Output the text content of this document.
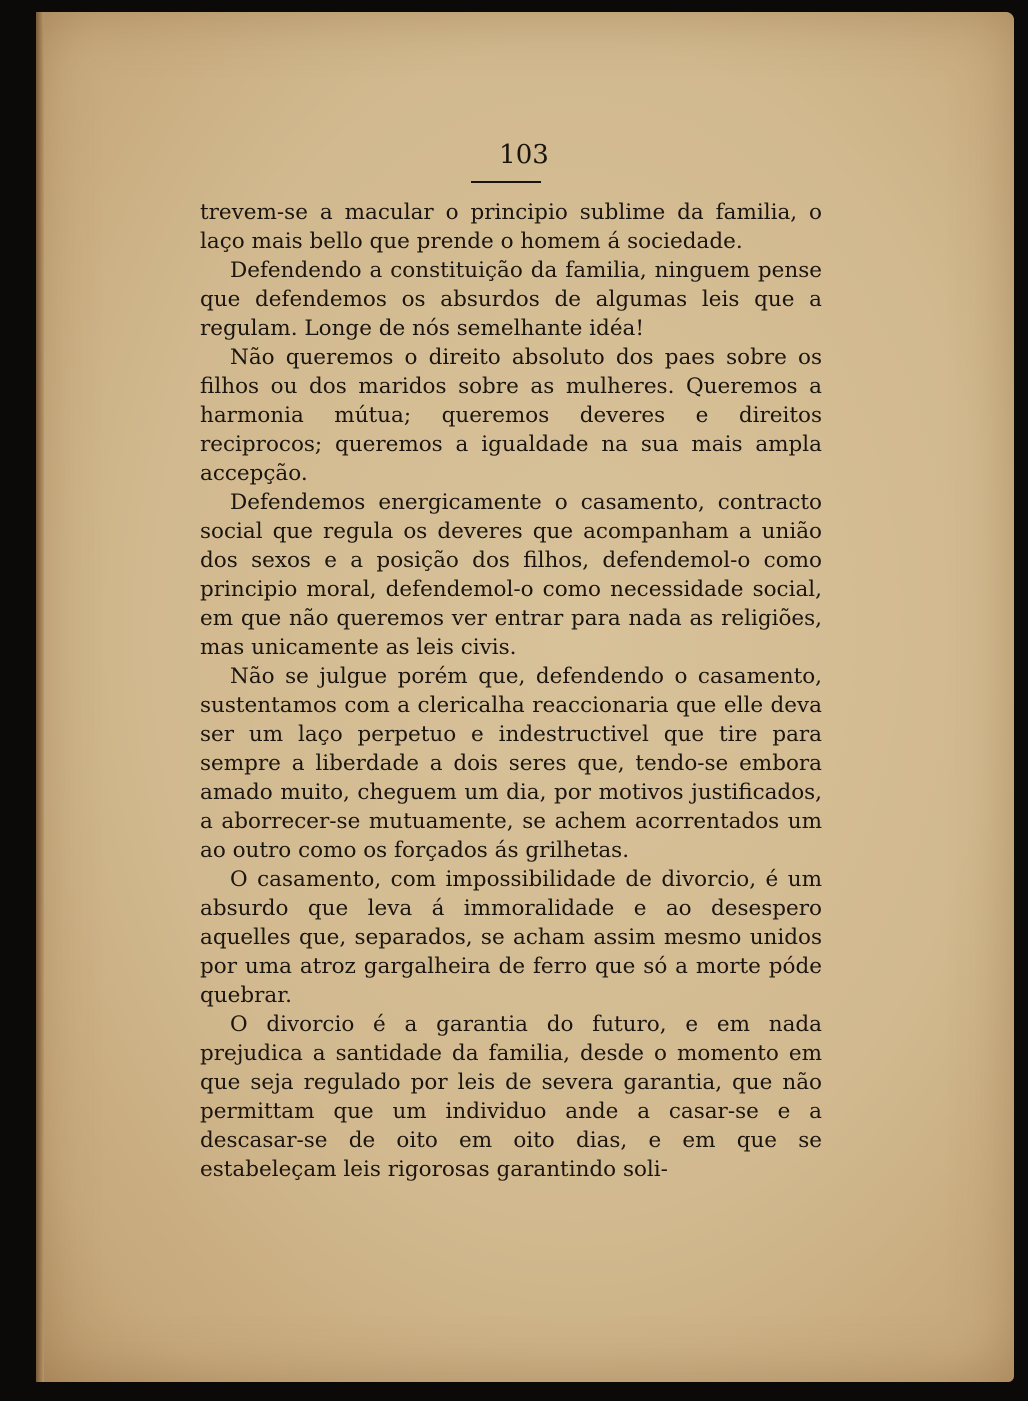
103

trevem-se a macular o principio sublime da familia, o laço mais bello que prende o homem á sociedade.

Defendendo a constituição da familia, ninguem pense que defendemos os absurdos de algumas leis que a regulam. Longe de nós semelhante idéa!

Não queremos o direito absoluto dos paes sobre os filhos ou dos maridos sobre as mulheres. Queremos a harmonia mútua; queremos deveres e direitos reciprocos; queremos a igualdade na sua mais ampla accepção.

Defendemos energicamente o casamento, contracto social que regula os deveres que acompanham a união dos sexos e a posição dos filhos, defendemol-o como principio moral, defendemol-o como necessidade social, em que não queremos ver entrar para nada as religiões, mas unicamente as leis civis.

Não se julgue porém que, defendendo o casamento, sustentamos com a clericalha reaccionaria que elle deva ser um laço perpetuo e indestructivel que tire para sempre a liberdade a dois seres que, tendo-se embora amado muito, cheguem um dia, por motivos justificados, a aborrecer-se mutuamente, se achem acorrentados um ao outro como os forçados ás grilhetas.

O casamento, com impossibilidade de divorcio, é um absurdo que leva á immoralidade e ao desespero aquelles que, separados, se acham assim mesmo unidos por uma atroz gargalheira de ferro que só a morte póde quebrar.

O divorcio é a garantia do futuro, e em nada prejudica a santidade da familia, desde o momento em que seja regulado por leis de severa garantia, que não permittam que um individuo ande a casar-se e a descasar-se de oito em oito dias, e em que se estabeleçam leis rigorosas garantindo soli-
